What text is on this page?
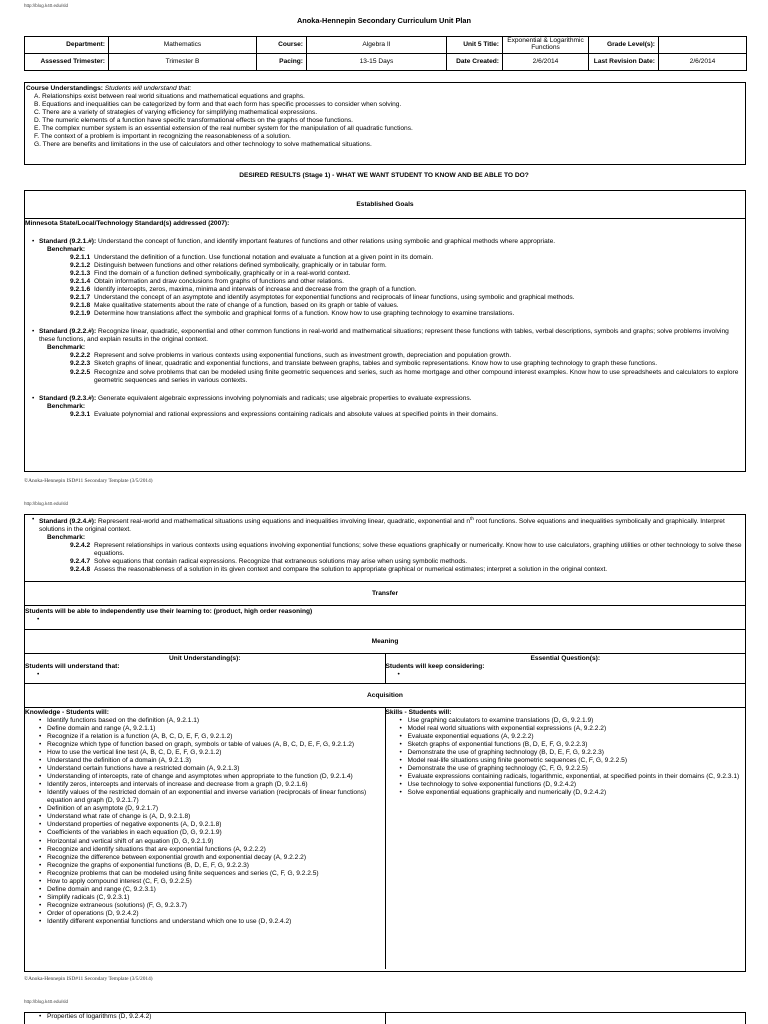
http://blog.k40.edu/sld
Anoka-Hennepin Secondary Curriculum Unit Plan
Department:	Mathematics	Course:	Algebra II	Unit 5 Title:	Exponential & Logarithmic Functions	Grade Level(s):	
Assessed Trimester:	Trimester B	Pacing:	13-15 Days	Date Created:	2/6/2014	Last Revision Date:	2/6/2014
Course Understandings: Students will understand that:
A. Relationships exist between real world situations and mathematical equations and graphs.
B. Equations and inequalities can be categorized by form and that each form has specific processes to consider when solving.
C. There are a variety of strategies of varying efficiency for simplifying mathematical expressions.
D. The numeric elements of a function have specific transformational effects on the graphs of those functions.
E. The complex number system is an essential extension of the real number system for the manipulation of all quadratic functions.
F. The context of a problem is important in recognizing the reasonableness of a solution.
G. There are benefits and limitations in the use of calculators and other technology to solve mathematical situations.
DESIRED RESULTS (Stage 1) - WHAT WE WANT STUDENT TO KNOW AND BE ABLE TO DO?
Established Goals
Minnesota State/Local/Technology Standard(s) addressed (2007):
• Standard (9.2.1.#): Understand the concept of function, and identify important features of functions and other relations using symbolic and graphical methods where appropriate.
Benchmark:
9.2.1.1 Understand the definition of a function. Use functional notation and evaluate a function at a given point in its domain.
9.2.1.2 Distinguish between functions and other relations defined symbolically, graphically or in tabular form.
9.2.1.3 Find the domain of a function defined symbolically, graphically or in a real-world context.
9.2.1.4 Obtain information and draw conclusions from graphs of functions and other relations.
9.2.1.6 Identify intercepts, zeros, maxima, minima and intervals of increase and decrease from the graph of a function.
9.2.1.7 Understand the concept of an asymptote and identify asymptotes for exponential functions and reciprocals of linear functions, using symbolic and graphical methods.
9.2.1.8 Make qualitative statements about the rate of change of a function, based on its graph or table of values.
9.2.1.9 Determine how translations affect the symbolic and graphical forms of a function. Know how to use graphing technology to examine translations.
• Standard (9.2.2.#): Recognize linear, quadratic, exponential and other common functions in real-world and mathematical situations; represent these functions with tables, verbal descriptions, symbols and graphs; solve problems involving these functions, and explain results in the original context.
Benchmark:
9.2.2.2 Represent and solve problems in various contexts using exponential functions, such as investment growth, depreciation and population growth.
9.2.2.3 Sketch graphs of linear, quadratic and exponential functions, and translate between graphs, tables and symbolic representations. Know how to use graphing technology to graph these functions.
9.2.2.5 Recognize and solve problems that can be modeled using finite geometric sequences and series, such as home mortgage and other compound interest examples. Know how to use spreadsheets and calculators to explore geometric sequences and series in various contexts.
• Standard (9.2.3.#): Generate equivalent algebraic expressions involving polynomials and radicals; use algebraic properties to evaluate expressions.
Benchmark:
9.2.3.1 Evaluate polynomial and rational expressions and expressions containing radicals and absolute values at specified points in their domains.
©Anoka-Hennepin ISD#11 Secondary Template (3/5/2014)
http://blog.k40.edu/sld
• Standard (9.2.4.#): Represent real-world and mathematical situations using equations and inequalities involving linear, quadratic, exponential and $n^{th}$ root functions. Solve equations and inequalities symbolically and graphically. Interpret solutions in the original context.
Benchmark:
9.2.4.2 Represent relationships in various contexts using equations involving exponential functions; solve these equations graphically or numerically. Know how to use calculators, graphing utilities or other technology to solve these equations.
9.2.4.7 Solve equations that contain radical expressions. Recognize that extraneous solutions may arise when using symbolic methods.
9.2.4.8 Assess the reasonableness of a solution in its given context and compare the solution to appropriate graphical or numerical estimates; interpret a solution in the original context.
Transfer
Students will be able to independently use their learning to: (product, high order reasoning)
•
Meaning
Unit Understanding(s):
Students will understand that:
•
Essential Question(s):
Students will keep considering:
•
Acquisition
Knowledge - Students will:
• Identify functions based on the definition (A, 9.2.1.1)
• Define domain and range (A, 9.2.1.1)
• Recognize if a relation is a function (A, B, C, D, E, F, G, 9.2.1.2)
• Recognize which type of function based on graph, symbols or table of values (A, B, C, D, E, F, G, 9.2.1.2)
• How to use the vertical line test (A, B, C, D, E, F, G, 9.2.1.2)
• Understand the definition of a domain (A, 9.2.1.3)
• Understand certain functions have a restricted domain (A, 9.2.1.3)
• Understanding of intercepts, rate of change and asymptotes when appropriate to the function (D, 9.2.1.4)
• Identify zeros, intercepts and intervals of increase and decrease from a graph (D, 9.2.1.6)
• Identify values of the restricted domain of an exponential and inverse variation (reciprocals of linear functions) equation and graph (D, 9.2.1.7)
• Definition of an asymptote (D, 9.2.1.7)
• Understand what rate of change is (A, D, 9.2.1.8)
• Understand properties of negative exponents (A, D, 9.2.1.8)
• Coefficients of the variables in each equation (D, G, 9.2.1.9)
• Horizontal and vertical shift of an equation (D, G, 9.2.1.9)
• Recognize and identify situations that are exponential functions (A, 9.2.2.2)
• Recognize the difference between exponential growth and exponential decay (A, 9.2.2.2)
• Recognize the graphs of exponential functions (B, D, E, F, G, 9.2.2.3)
• Recognize problems that can be modeled using finite sequences and series (C, F, G, 9.2.2.5)
• How to apply compound interest (C, F, G, 9.2.2.5)
• Define domain and range (C, 9.2.3.1)
• Simplify radicals (C, 9.2.3.1)
• Recognize extraneous (solutions) (F, G, 9.2.3.7)
• Order of operations (D, 9.2.4.2)
• Identify different exponential functions and understand which one to use (D, 9.2.4.2)
Skills - Students will:
• Use graphing calculators to examine translations (D, G, 9.2.1.9)
• Model real world situations with exponential expressions (A, 9.2.2.2)
• Evaluate exponential equations (A, 9.2.2.2)
• Sketch graphs of exponential functions (B, D, E, F, G, 9.2.2.3)
• Demonstrate the use of graphing technology (B, D, E, F, G, 9.2.2.3)
• Model real-life situations using finite geometric sequences (C, F, G, 9.2.2.5)
• Demonstrate the use of graphing technology (C, F, G, 9.2.2.5)
• Evaluate expressions containing radicals, logarithmic, exponential, at specified points in their domains (C, 9.2.3.1)
• Use technology to solve exponential functions (D, 9.2.4.2)
• Solve exponential equations graphically and numerically (D, 9.2.4.2)
©Anoka-Hennepin ISD#11 Secondary Template (3/5/2014)
http://blog.k40.edu/sld
• Properties of logarithms (D, 9.2.4.2)
